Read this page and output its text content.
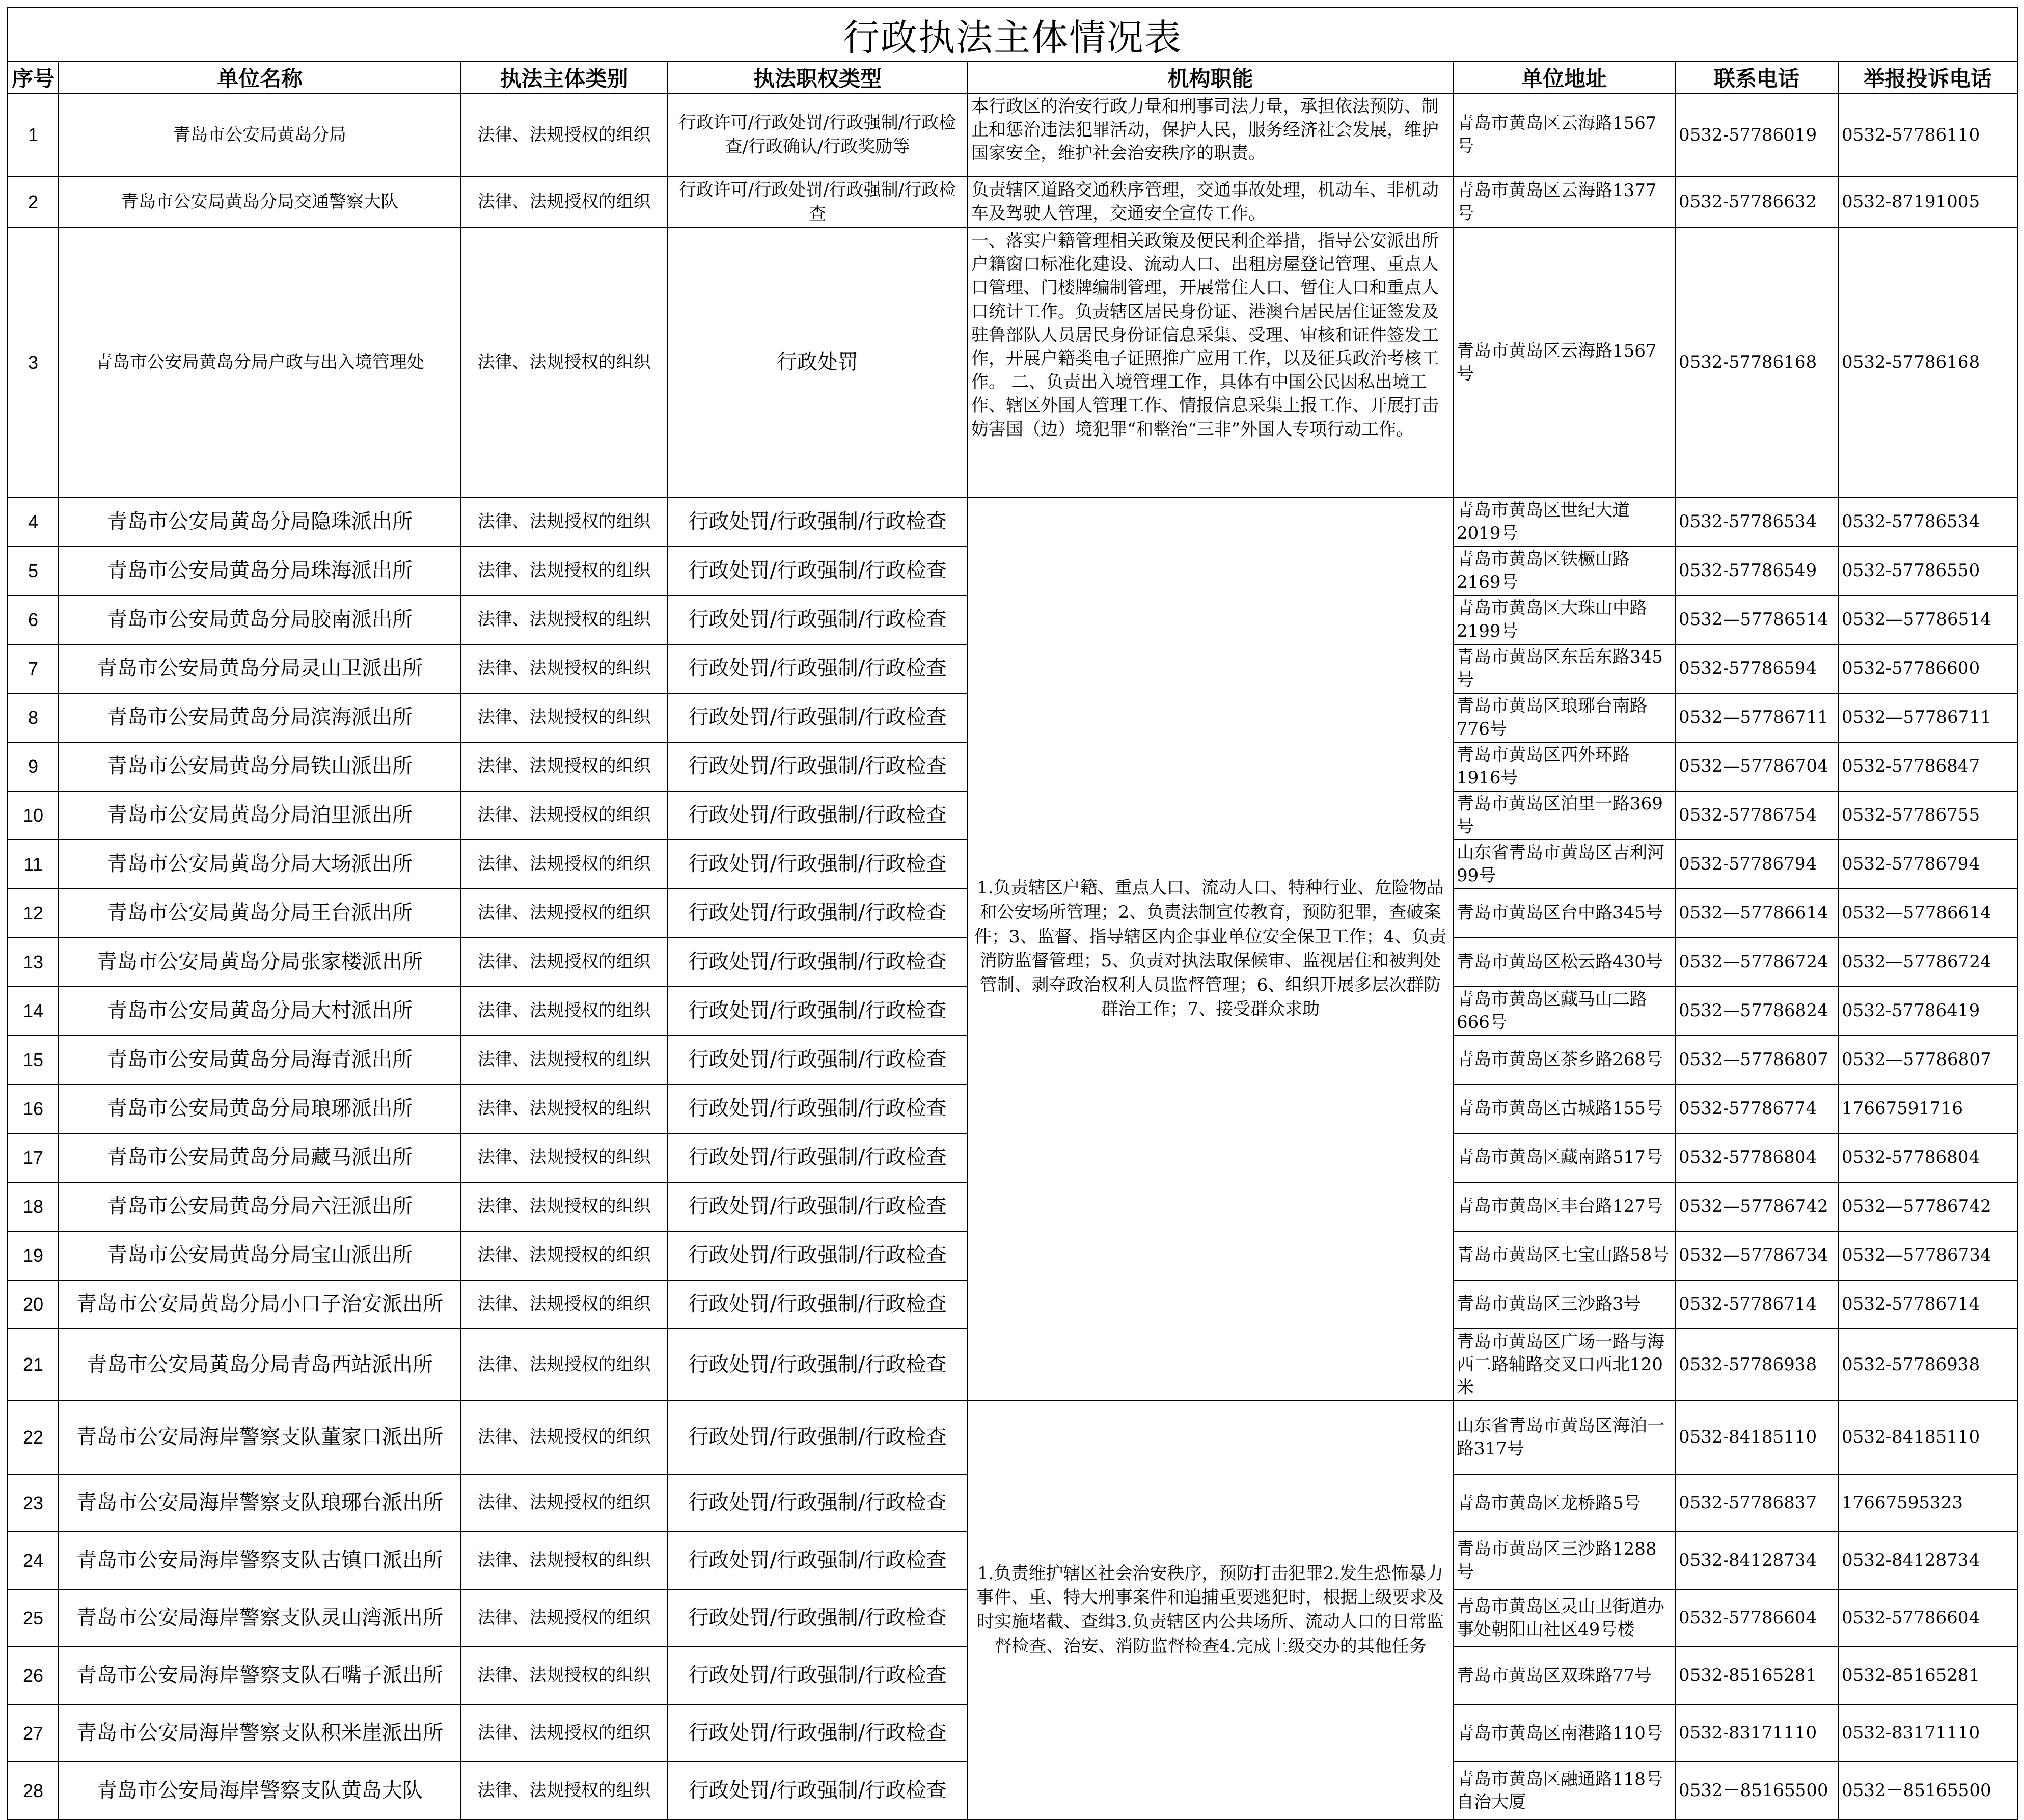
行政执法主体情况表							
序号	单位名称	执法主体类别	执法职权类型	机构职能	单位地址	联系电话	举报投诉电话
1	青岛市公安局黄岛分局	法律、法规授权的组织	行政许可/行政处罚/行政强制/行政检查/行政确认/行政奖励等	本行政区的治安行政力量和刑事司法力量，承担依法预防、制止和惩治违法犯罪活动，保护人民，服务经济社会发展，维护国家安全，维护社会治安秩序的职责。	青岛市黄岛区云海路1567号	0532-57786019	0532-57786110
2	青岛市公安局黄岛分局交通警察大队	法律、法规授权的组织	行政许可/行政处罚/行政强制/行政检查	负责辖区道路交通秩序管理，交通事故处理，机动车、非机动车及驾驶人管理，交通安全宣传工作。	青岛市黄岛区云海路1377号	0532-57786632	0532-87191005
3	青岛市公安局黄岛分局户政与出入境管理处	法律、法规授权的组织	行政处罚	一、落实户籍管理相关政策及便民利企举措，指导公安派出所户籍窗口标准化建设、流动人口、出租房屋登记管理、重点人口管理、门楼牌编制管理，开展常住人口、暂住人口和重点人口统计工作。负责辖区居民身份证、港澳台居民居住证签发及驻鲁部队人员居民身份证信息采集、受理、审核和证件签发工作，开展户籍类电子证照推广应用工作，以及征兵政治考核工作。 二、负责出入境管理工作，具体有中国公民因私出境工作、辖区外国人管理工作、情报信息采集上报工作、开展打击妨害国（边）境犯罪“和整治“三非”外国人专项行动工作。	青岛市黄岛区云海路1567号	0532-57786168	0532-57786168
4	青岛市公安局黄岛分局隐珠派出所	法律、法规授权的组织	行政处罚/行政强制/行政检查	1.负责辖区户籍、重点人口、流动人口、特种行业、危险物品和公安场所管理；2、负责法制宣传教育，预防犯罪，查破案件；3、监督、指导辖区内企事业单位安全保卫工作；4、负责消防监督管理；5、负责对执法取保候审、监视居住和被判处管制、剥夺政治权利人员监督管理；6、组织开展多层次群防群治工作；7、接受群众求助	青岛市黄岛区世纪大道2019号	0532-57786534	0532-57786534
5	青岛市公安局黄岛分局珠海派出所	法律、法规授权的组织	行政处罚/行政强制/行政检查		青岛市黄岛区铁橛山路2169号	0532-57786549	0532-57786550
6	青岛市公安局黄岛分局胶南派出所	法律、法规授权的组织	行政处罚/行政强制/行政检查		青岛市黄岛区大珠山中路2199号	0532—57786514	0532—57786514
7	青岛市公安局黄岛分局灵山卫派出所	法律、法规授权的组织	行政处罚/行政强制/行政检查		青岛市黄岛区东岳东路345号	0532-57786594	0532-57786600
8	青岛市公安局黄岛分局滨海派出所	法律、法规授权的组织	行政处罚/行政强制/行政检查		青岛市黄岛区琅琊台南路776号	0532—57786711	0532—57786711
9	青岛市公安局黄岛分局铁山派出所	法律、法规授权的组织	行政处罚/行政强制/行政检查		青岛市黄岛区西外环路1916号	0532—57786704	0532-57786847
10	青岛市公安局黄岛分局泊里派出所	法律、法规授权的组织	行政处罚/行政强制/行政检查		青岛市黄岛区泊里一路369号	0532-57786754	0532-57786755
11	青岛市公安局黄岛分局大场派出所	法律、法规授权的组织	行政处罚/行政强制/行政检查		山东省青岛市黄岛区吉利河99号	0532-57786794	0532-57786794
12	青岛市公安局黄岛分局王台派出所	法律、法规授权的组织	行政处罚/行政强制/行政检查		青岛市黄岛区台中路345号	0532—57786614	0532—57786614
13	青岛市公安局黄岛分局张家楼派出所	法律、法规授权的组织	行政处罚/行政强制/行政检查		青岛市黄岛区松云路430号	0532—57786724	0532—57786724
14	青岛市公安局黄岛分局大村派出所	法律、法规授权的组织	行政处罚/行政强制/行政检查		青岛市黄岛区藏马山二路666号	0532—57786824	0532-57786419
15	青岛市公安局黄岛分局海青派出所	法律、法规授权的组织	行政处罚/行政强制/行政检查		青岛市黄岛区茶乡路268号	0532—57786807	0532—57786807
16	青岛市公安局黄岛分局琅琊派出所	法律、法规授权的组织	行政处罚/行政强制/行政检查		青岛市黄岛区古城路155号	0532-57786774	17667591716
17	青岛市公安局黄岛分局藏马派出所	法律、法规授权的组织	行政处罚/行政强制/行政检查		青岛市黄岛区藏南路517号	0532-57786804	0532-57786804
18	青岛市公安局黄岛分局六汪派出所	法律、法规授权的组织	行政处罚/行政强制/行政检查		青岛市黄岛区丰台路127号	0532—57786742	0532—57786742
19	青岛市公安局黄岛分局宝山派出所	法律、法规授权的组织	行政处罚/行政强制/行政检查		青岛市黄岛区七宝山路58号	0532—57786734	0532—57786734
20	青岛市公安局黄岛分局小口子治安派出所	法律、法规授权的组织	行政处罚/行政强制/行政检查		青岛市黄岛区三沙路3号	0532-57786714	0532-57786714
21	青岛市公安局黄岛分局青岛西站派出所	法律、法规授权的组织	行政处罚/行政强制/行政检查		青岛市黄岛区广场一路与海西二路辅路交叉口西北120米	0532-57786938	0532-57786938
22	青岛市公安局海岸警察支队董家口派出所	法律、法规授权的组织	行政处罚/行政强制/行政检查	1.负责维护辖区社会治安秩序，预防打击犯罪2.发生恐怖暴力事件、重、特大刑事案件和追捕重要逃犯时，根据上级要求及时实施堵截、查缉3.负责辖区内公共场所、流动人口的日常监督检查、治安、消防监督检查4.完成上级交办的其他任务	山东省青岛市黄岛区海泊一路317号	0532-84185110	0532-84185110
23	青岛市公安局海岸警察支队琅琊台派出所	法律、法规授权的组织	行政处罚/行政强制/行政检查		青岛市黄岛区龙桥路5号	0532-57786837	17667595323
24	青岛市公安局海岸警察支队古镇口派出所	法律、法规授权的组织	行政处罚/行政强制/行政检查		青岛市黄岛区三沙路1288号	0532-84128734	0532-84128734
25	青岛市公安局海岸警察支队灵山湾派出所	法律、法规授权的组织	行政处罚/行政强制/行政检查		青岛市黄岛区灵山卫街道办事处朝阳山社区49号楼	0532-57786604	0532-57786604
26	青岛市公安局海岸警察支队石嘴子派出所	法律、法规授权的组织	行政处罚/行政强制/行政检查		青岛市黄岛区双珠路77号	0532-85165281	0532-85165281
27	青岛市公安局海岸警察支队积米崖派出所	法律、法规授权的组织	行政处罚/行政强制/行政检查		青岛市黄岛区南港路110号	0532-83171110	0532-83171110
28	青岛市公安局海岸警察支队黄岛大队	法律、法规授权的组织	行政处罚/行政强制/行政检查		青岛市黄岛区融通路118号自治大厦	0532－85165500	0532－85165500
